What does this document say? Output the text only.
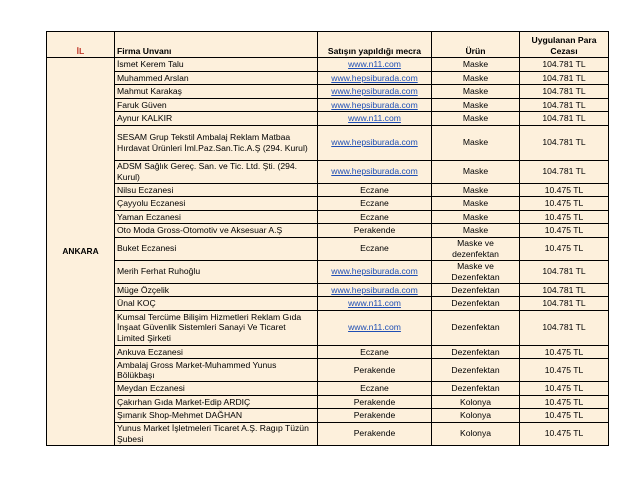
İL	Firma Unvanı	Satışın yapıldığı mecra	Ürün	Uygulanan Para
Cezası
ANKARA	İsmet Kerem Talu	www.n11.com	Maske	104.781 TL
	Muhammed Arslan	www.hepsiburada.com	Maske	104.781 TL
	Mahmut Karakaş	www.hepsiburada.com	Maske	104.781 TL
	Faruk Güven	www.hepsiburada.com	Maske	104.781 TL
	Aynur KALKIR	www.n11.com	Maske	104.781 TL
	SESAM Grup Tekstil Ambalaj Reklam Matbaa Hırdavat Ürünleri İml.Paz.San.Tic.A.Ş (294. Kurul)	www.hepsiburada.com	Maske	104.781 TL
	ADSM Sağlık Gereç. San. ve Tic. Ltd. Şti. (294. Kurul)	www.hepsiburada.com	Maske	104.781 TL
	Nilsu Eczanesi	Eczane	Maske	10.475 TL
	Çayyolu Eczanesi	Eczane	Maske	10.475 TL
	Yaman Eczanesi	Eczane	Maske	10.475 TL
	Oto Moda Gross-Otomotiv ve Aksesuar A.Ş	Perakende	Maske	10.475 TL
	Buket Eczanesi	Eczane	Maske ve dezenfektan	10.475 TL
	Merih Ferhat Ruhoğlu	www.hepsiburada.com	Maske ve Dezenfektan	104.781 TL
	Müge Özçelik	www.hepsiburada.com	Dezenfektan	104.781 TL
	Ünal KOÇ	www.n11.com	Dezenfektan	104.781 TL
	Kumsal Tercüme Bilişim Hizmetleri Reklam Gıda İnşaat Güvenlik Sistemleri Sanayi Ve Ticaret Limited Şirketi	www.n11.com	Dezenfektan	104.781 TL
	Ankuva Eczanesi	Eczane	Dezenfektan	10.475 TL
	Ambalaj Gross Market-Muhammed Yunus Bölükbaşı	Perakende	Dezenfektan	10.475 TL
	Meydan Eczanesi	Eczane	Dezenfektan	10.475 TL
	Çakırhan Gıda Market-Edip ARDIÇ	Perakende	Kolonya	10.475 TL
	Şımarık Shop-Mehmet DAĞHAN	Perakende	Kolonya	10.475 TL
	Yunus Market İşletmeleri Ticaret A.Ş. Ragıp Tüzün Şubesi	Perakende	Kolonya	10.475 TL
